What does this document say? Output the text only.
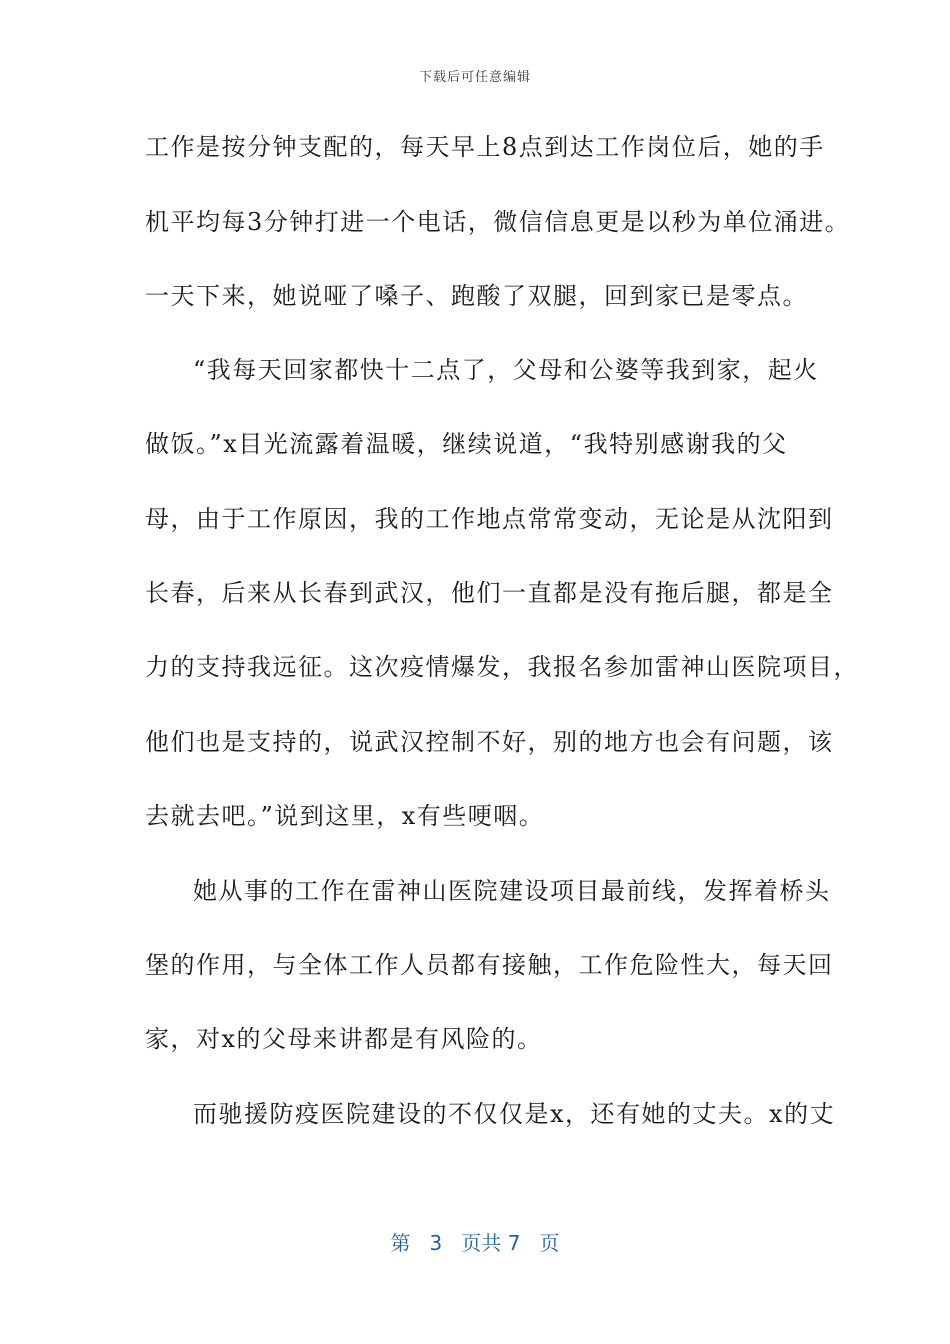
下载后可任意编辑
工作是按分钟支配的，每天早上8点到达工作岗位后，她的手
机平均每3分钟打进一个电话，微信信息更是以秒为单位涌进。
一天下来，她说哑了嗓子、跑酸了双腿，回到家已是零点。
“我每天回家都快十二点了，父母和公婆等我到家，起火
做饭。”x目光流露着温暖，继续说道，“我特别感谢我的父
母，由于工作原因，我的工作地点常常变动，无论是从沈阳到
长春，后来从长春到武汉，他们一直都是没有拖后腿，都是全
力的支持我远征。这次疫情爆发，我报名参加雷神山医院项目，
他们也是支持的，说武汉控制不好，别的地方也会有问题，该
去就去吧。”说到这里，x有些哽咽。
她从事的工作在雷神山医院建设项目最前线，发挥着桥头
堡的作用，与全体工作人员都有接触，工作危险性大，每天回
家，对x的父母来讲都是有风险的。
而驰援防疫医院建设的不仅仅是x，还有她的丈夫。x的丈
第 3 页共 7 页
